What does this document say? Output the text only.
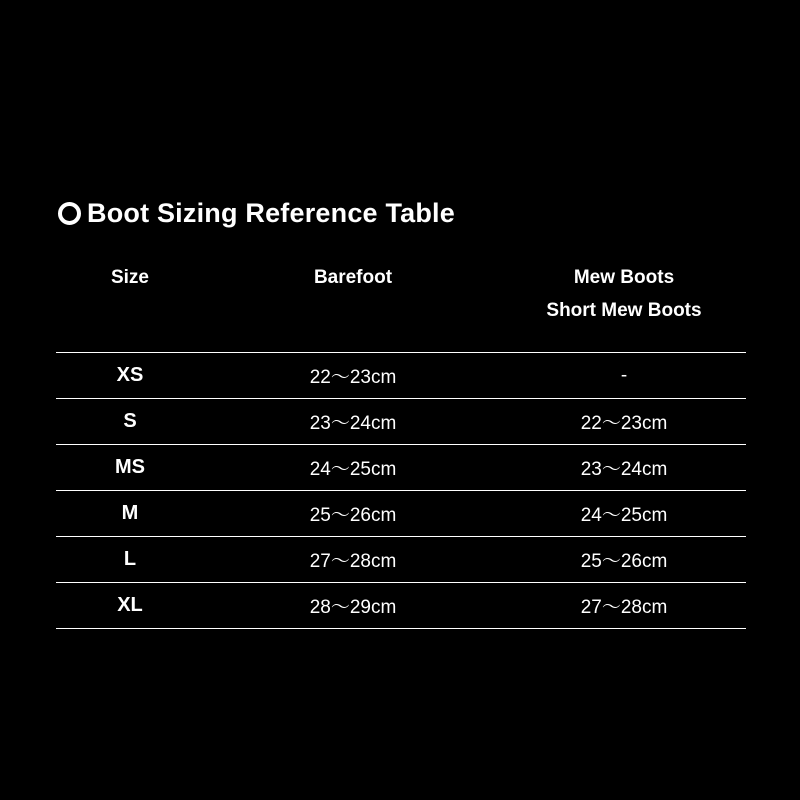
Boot Sizing Reference Table
Size	Barefoot	Mew Boots
Short Mew Boots

XS	22〜23cm	-
S	23〜24cm	22〜23cm
MS	24〜25cm	23〜24cm
M	25〜26cm	24〜25cm
L	27〜28cm	25〜26cm
XL	28〜29cm	27〜28cm
